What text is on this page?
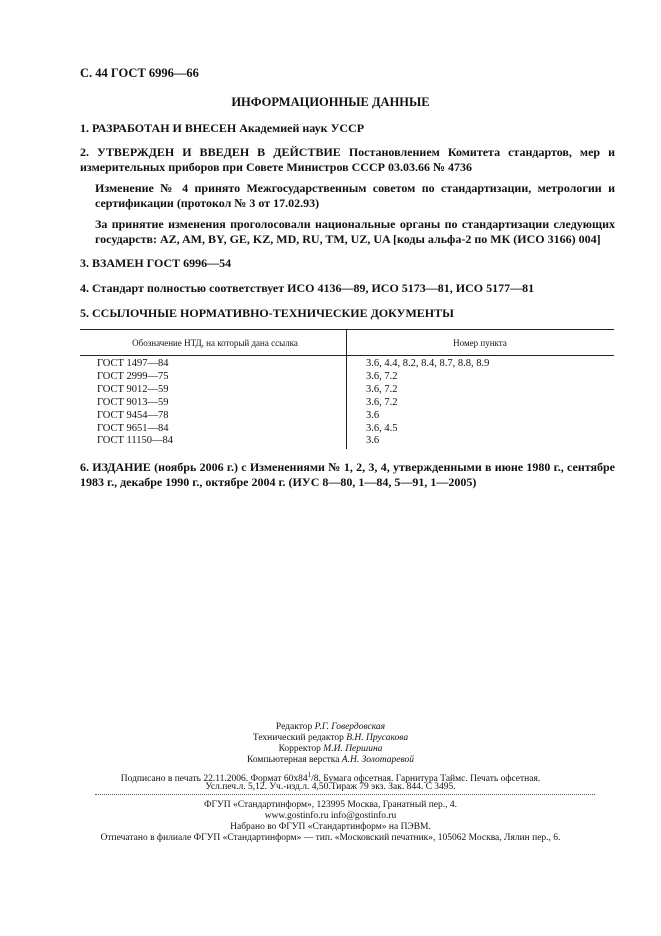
С. 44 ГОСТ 6996—66
ИНФОРМАЦИОННЫЕ ДАННЫЕ
1. РАЗРАБОТАН И ВНЕСЕН Академией наук УССР
2. УТВЕРЖДЕН И ВВЕДЕН В ДЕЙСТВИЕ Постановлением Комитета стандартов, мер и измерительных приборов при Совете Министров СССР 03.03.66 № 4736
Изменение № 4 принято Межгосударственным советом по стандартизации, метрологии и сертификации (протокол № 3 от 17.02.93)
За принятие изменения проголосовали национальные органы по стандартизации следующих государств: AZ, AM, BY, GE, KZ, MD, RU, TM, UZ, UA [коды альфа-2 по МК (ИСО 3166) 004]
3. ВЗАМЕН ГОСТ 6996—54
4. Стандарт полностью соответствует ИСО 4136—89, ИСО 5173—81, ИСО 5177—81
5. ССЫЛОЧНЫЕ НОРМАТИВНО-ТЕХНИЧЕСКИЕ ДОКУМЕНТЫ
Обозначение НТД, на который дана ссылка	Номер пункта
ГОСТ 1497—84	3.6, 4.4, 8.2, 8.4, 8.7, 8.8, 8.9
ГОСТ 2999—75	3.6, 7.2
ГОСТ 9012—59	3.6, 7.2
ГОСТ 9013—59	3.6, 7.2
ГОСТ 9454—78	3.6
ГОСТ 9651—84	3.6, 4.5
ГОСТ 11150—84	3.6
6. ИЗДАНИЕ (ноябрь 2006 г.) с Изменениями № 1, 2, 3, 4, утвержденными в июне 1980 г., сентябре 1983 г., декабре 1990 г., октябре 2004 г. (ИУС 8—80, 1—84, 5—91, 1—2005)
Редактор Р.Г. Говердовская
Технический редактор В.Н. Прусакова
Корректор М.И. Першина
Компьютерная верстка А.Н. Золотаревой
Подписано в печать 22.11.2006. Формат $60x84^1/8$. Бумага офсетная. Гарнитура Таймс. Печать офсетная.
Усл.печ.л. 5,12. Уч.-изд.л. 4,50.Тираж 79 экз. Зак. 844. С 3495.
ФГУП «Стандартинформ», 123995 Москва, Гранатный пер., 4.
www.gostinfo.ru info@gostinfo.ru
Набрано во ФГУП «Стандартинформ» на ПЭВМ.
Отпечатано в филиале ФГУП «Стандартинформ» — тип. «Московский печатник», 105062 Москва, Лялин пер., 6.
